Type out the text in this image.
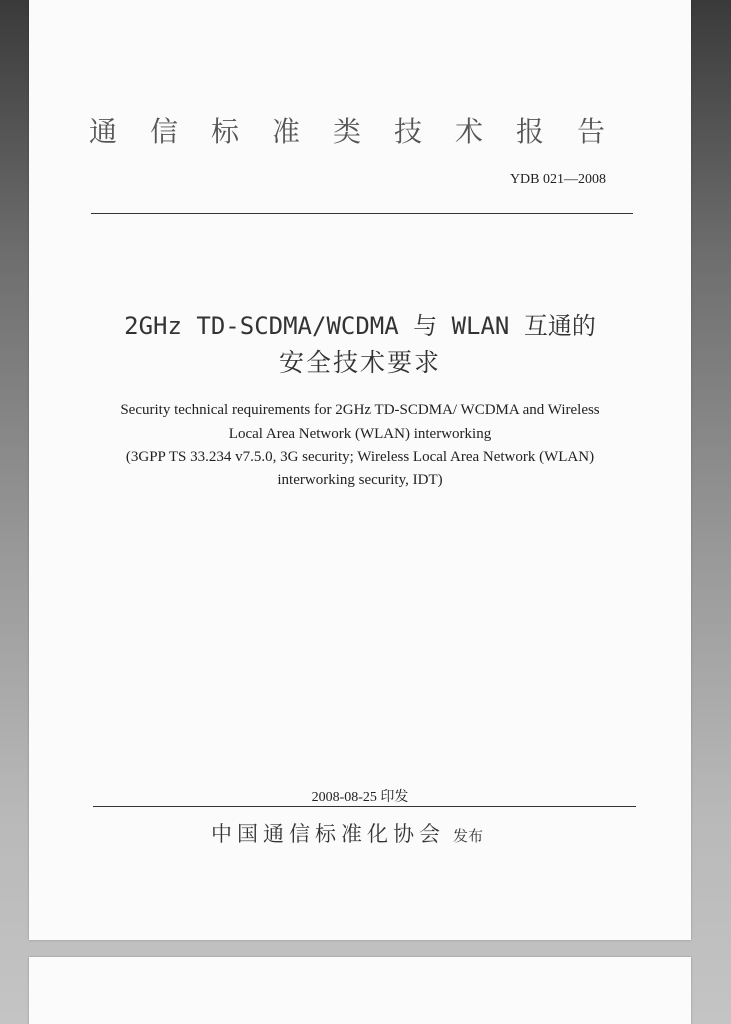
通信标准类技术报告
YDB 021—2008
2GHz TD-SCDMA/WCDMA 与 WLAN 互通的
安全技术要求
Security technical requirements for 2GHz TD-SCDMA/ WCDMA and Wireless
Local Area Network (WLAN) interworking
(3GPP TS 33.234 v7.5.0, 3G security; Wireless Local Area Network (WLAN)
interworking security, IDT)
2008-08-25 印发
中国通信标准化协会 发布
